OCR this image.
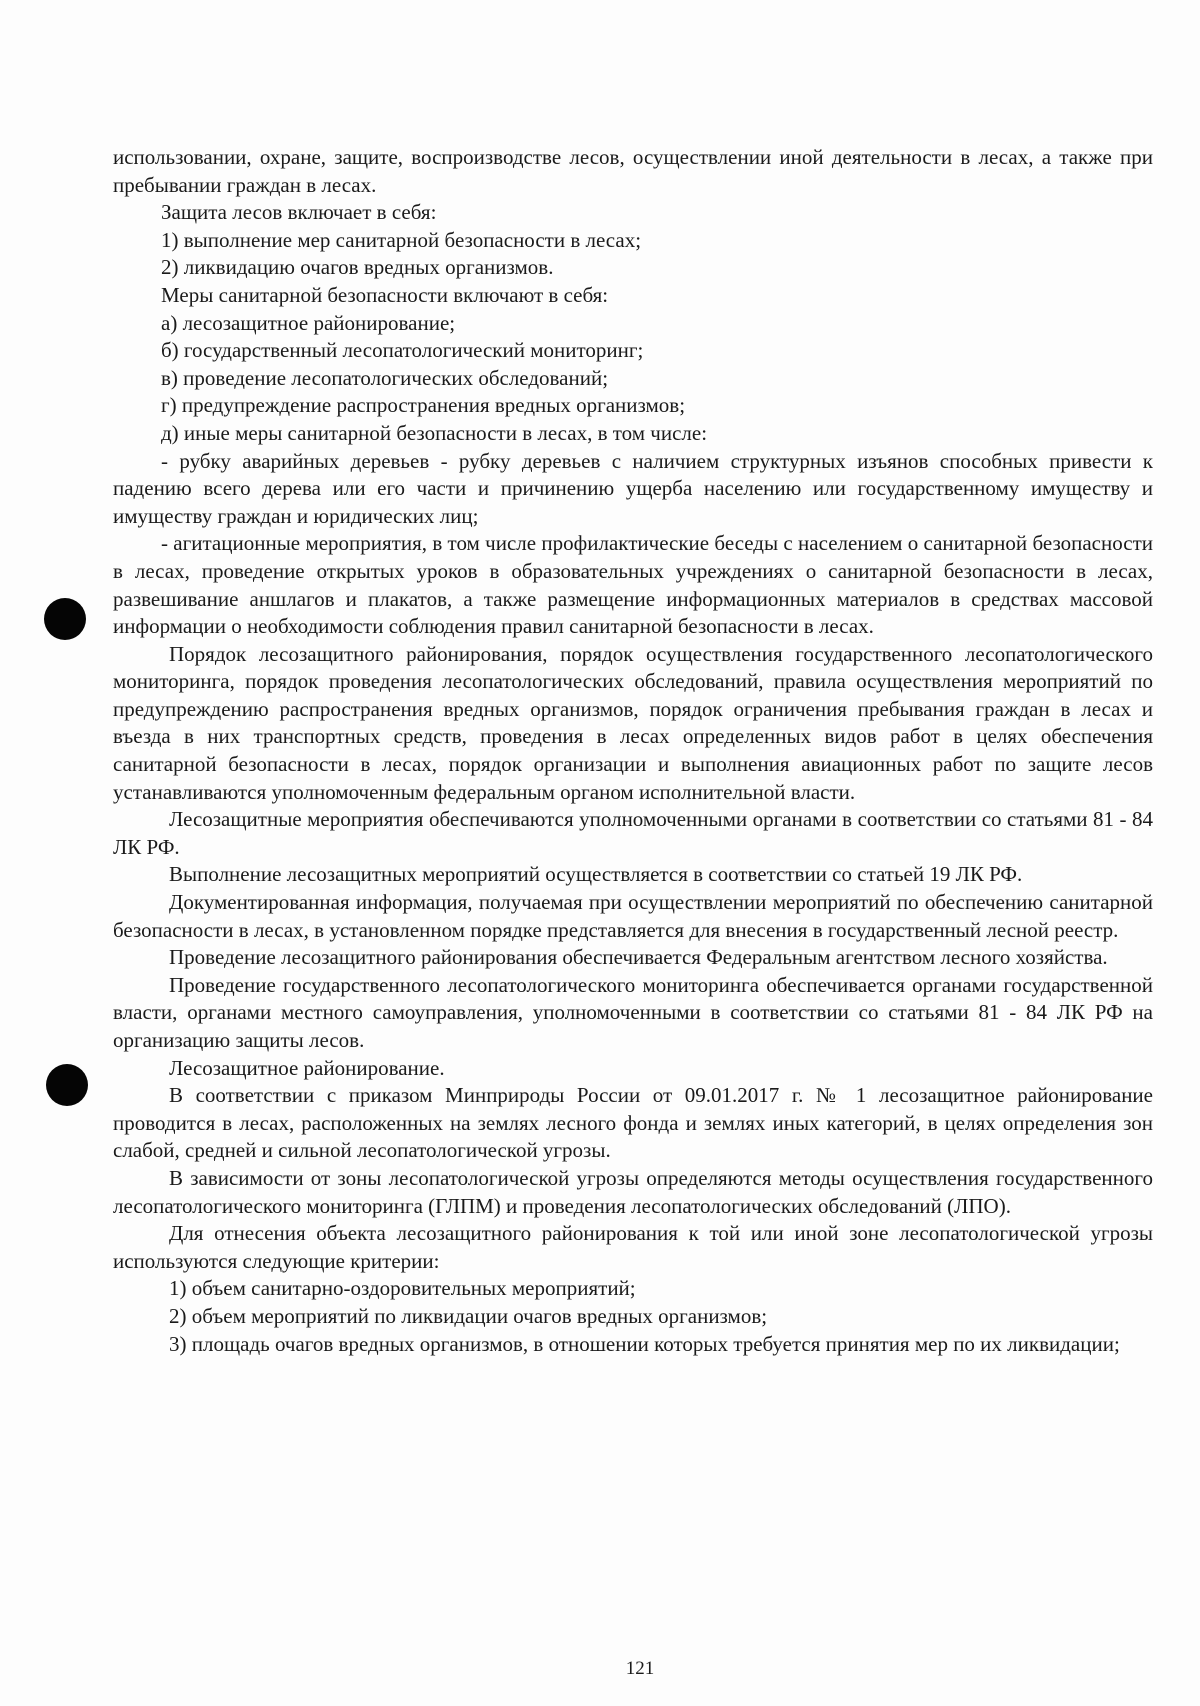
использовании, охране, защите, воспроизводстве лесов, осуществлении иной деятельности в лесах, а также при пребывании граждан в лесах.

Защита лесов включает в себя:

1) выполнение мер санитарной безопасности в лесах;

2) ликвидацию очагов вредных организмов.

Меры санитарной безопасности включают в себя:

а) лесозащитное районирование;

б) государственный лесопатологический мониторинг;

в) проведение лесопатологических обследований;

г) предупреждение распространения вредных организмов;

д) иные меры санитарной безопасности в лесах, в том числе:

- рубку аварийных деревьев - рубку деревьев с наличием структурных изъянов способных привести к падению всего дерева или его части и причинению ущерба населению или государственному имуществу и имуществу граждан и юридических лиц;

- агитационные мероприятия, в том числе профилактические беседы с населением о санитарной безопасности в лесах, проведение открытых уроков в образовательных учреждениях о санитарной безопасности в лесах, развешивание аншлагов и плакатов, а также размещение информационных материалов в средствах массовой информации о необходимости соблюдения правил санитарной безопасности в лесах.

Порядок лесозащитного районирования, порядок осуществления государственного лесопатологического мониторинга, порядок проведения лесопатологических обследований, правила осуществления мероприятий по предупреждению распространения вредных организмов, порядок ограничения пребывания граждан в лесах и въезда в них транспортных средств, проведения в лесах определенных видов работ в целях обеспечения санитарной безопасности в лесах, порядок организации и выполнения авиационных работ по защите лесов устанавливаются уполномоченным федеральным органом исполнительной власти.

Лесозащитные мероприятия обеспечиваются уполномоченными органами в соответствии со статьями 81 - 84 ЛК РФ.

Выполнение лесозащитных мероприятий осуществляется в соответствии со статьей 19 ЛК РФ.

Документированная информация, получаемая при осуществлении мероприятий по обеспечению санитарной безопасности в лесах, в установленном порядке представляется для внесения в государственный лесной реестр.

Проведение лесозащитного районирования обеспечивается Федеральным агентством лесного хозяйства.

Проведение государственного лесопатологического мониторинга обеспечивается органами государственной власти, органами местного самоуправления, уполномоченными в соответствии со статьями 81 - 84 ЛК РФ на организацию защиты лесов.

Лесозащитное районирование.

В соответствии с приказом Минприроды России от 09.01.2017 г. № 1 лесозащитное районирование проводится в лесах, расположенных на землях лесного фонда и землях иных категорий, в целях определения зон слабой, средней и сильной лесопатологической угрозы.

В зависимости от зоны лесопатологической угрозы определяются методы осуществления государственного лесопатологического мониторинга (ГЛПМ) и проведения лесопатологических обследований (ЛПО).

Для отнесения объекта лесозащитного районирования к той или иной зоне лесопатологической угрозы используются следующие критерии:

1) объем санитарно-оздоровительных мероприятий;

2) объем мероприятий по ликвидации очагов вредных организмов;

3) площадь очагов вредных организмов, в отношении которых требуется принятия мер по их ликвидации;

121
